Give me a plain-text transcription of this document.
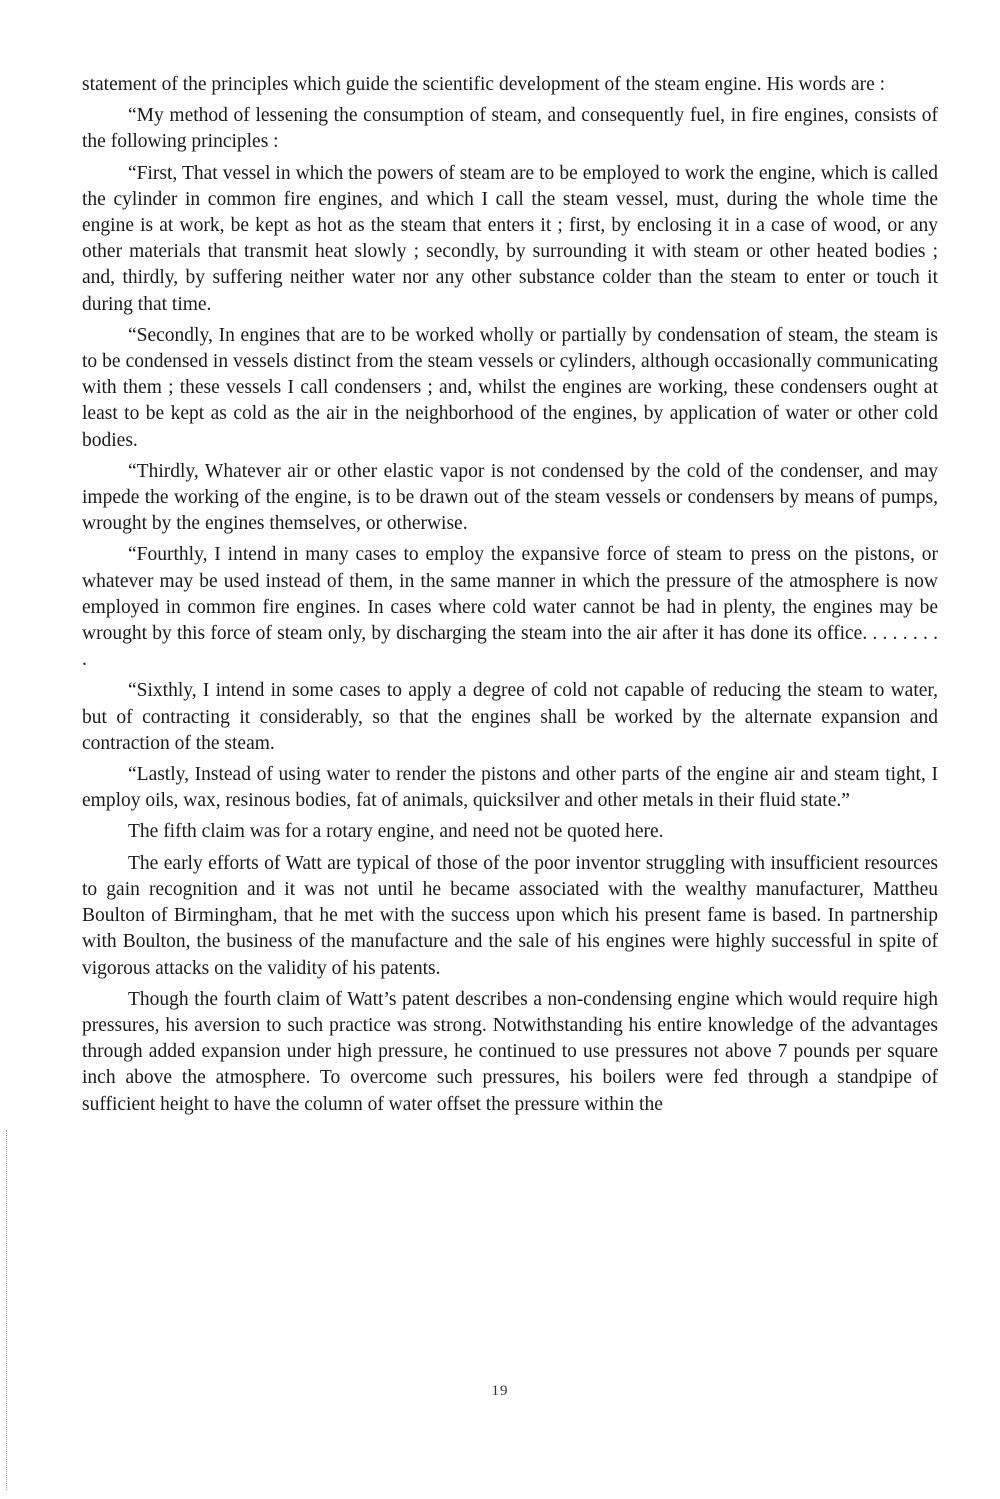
statement of the principles which guide the scientific development of the steam engine. His words are :

“My method of lessening the consumption of steam, and consequently fuel, in fire engines, consists of the following principles :

“First, That vessel in which the powers of steam are to be employed to work the engine, which is called the cylinder in common fire engines, and which I call the steam vessel, must, during the whole time the engine is at work, be kept as hot as the steam that enters it ; first, by enclosing it in a case of wood, or any other materials that transmit heat slowly ; secondly, by surrounding it with steam or other heated bodies ; and, thirdly, by suffering neither water nor any other substance colder than the steam to enter or touch it during that time.

“Secondly, In engines that are to be worked wholly or partially by condensation of steam, the steam is to be condensed in vessels distinct from the steam vessels or cylinders, although occasionally communicating with them ; these vessels I call condensers ; and, whilst the engines are working, these condensers ought at least to be kept as cold as the air in the neighborhood of the engines, by application of water or other cold bodies.

“Thirdly, Whatever air or other elastic vapor is not condensed by the cold of the condenser, and may impede the working of the engine, is to be drawn out of the steam vessels or condensers by means of pumps, wrought by the engines themselves, or otherwise.

“Fourthly, I intend in many cases to employ the expansive force of steam to press on the pistons, or whatever may be used instead of them, in the same manner in which the pressure of the atmosphere is now employed in common fire engines. In cases where cold water cannot be had in plenty, the engines may be wrought by this force of steam only, by discharging the steam into the air after it has done its office. . . . . . . . .

“Sixthly, I intend in some cases to apply a degree of cold not capable of reducing the steam to water, but of contracting it considerably, so that the engines shall be worked by the alternate expansion and contraction of the steam.

“Lastly, Instead of using water to render the pistons and other parts of the engine air and steam tight, I employ oils, wax, resinous bodies, fat of animals, quicksilver and other metals in their fluid state.”

The fifth claim was for a rotary engine, and need not be quoted here.

The early efforts of Watt are typical of those of the poor inventor struggling with insufficient resources to gain recognition and it was not until he became associated with the wealthy manufacturer, Mattheu Boulton of Birmingham, that he met with the success upon which his present fame is based. In partnership with Boulton, the business of the manufacture and the sale of his engines were highly successful in spite of vigorous attacks on the validity of his patents.

Though the fourth claim of Watt’s patent describes a non-condensing engine which would require high pressures, his aversion to such practice was strong. Notwithstanding his entire knowledge of the advantages through added expansion under high pressure, he continued to use pressures not above 7 pounds per square inch above the atmosphere. To overcome such pressures, his boilers were fed through a standpipe of sufficient height to have the column of water offset the pressure within the

19
